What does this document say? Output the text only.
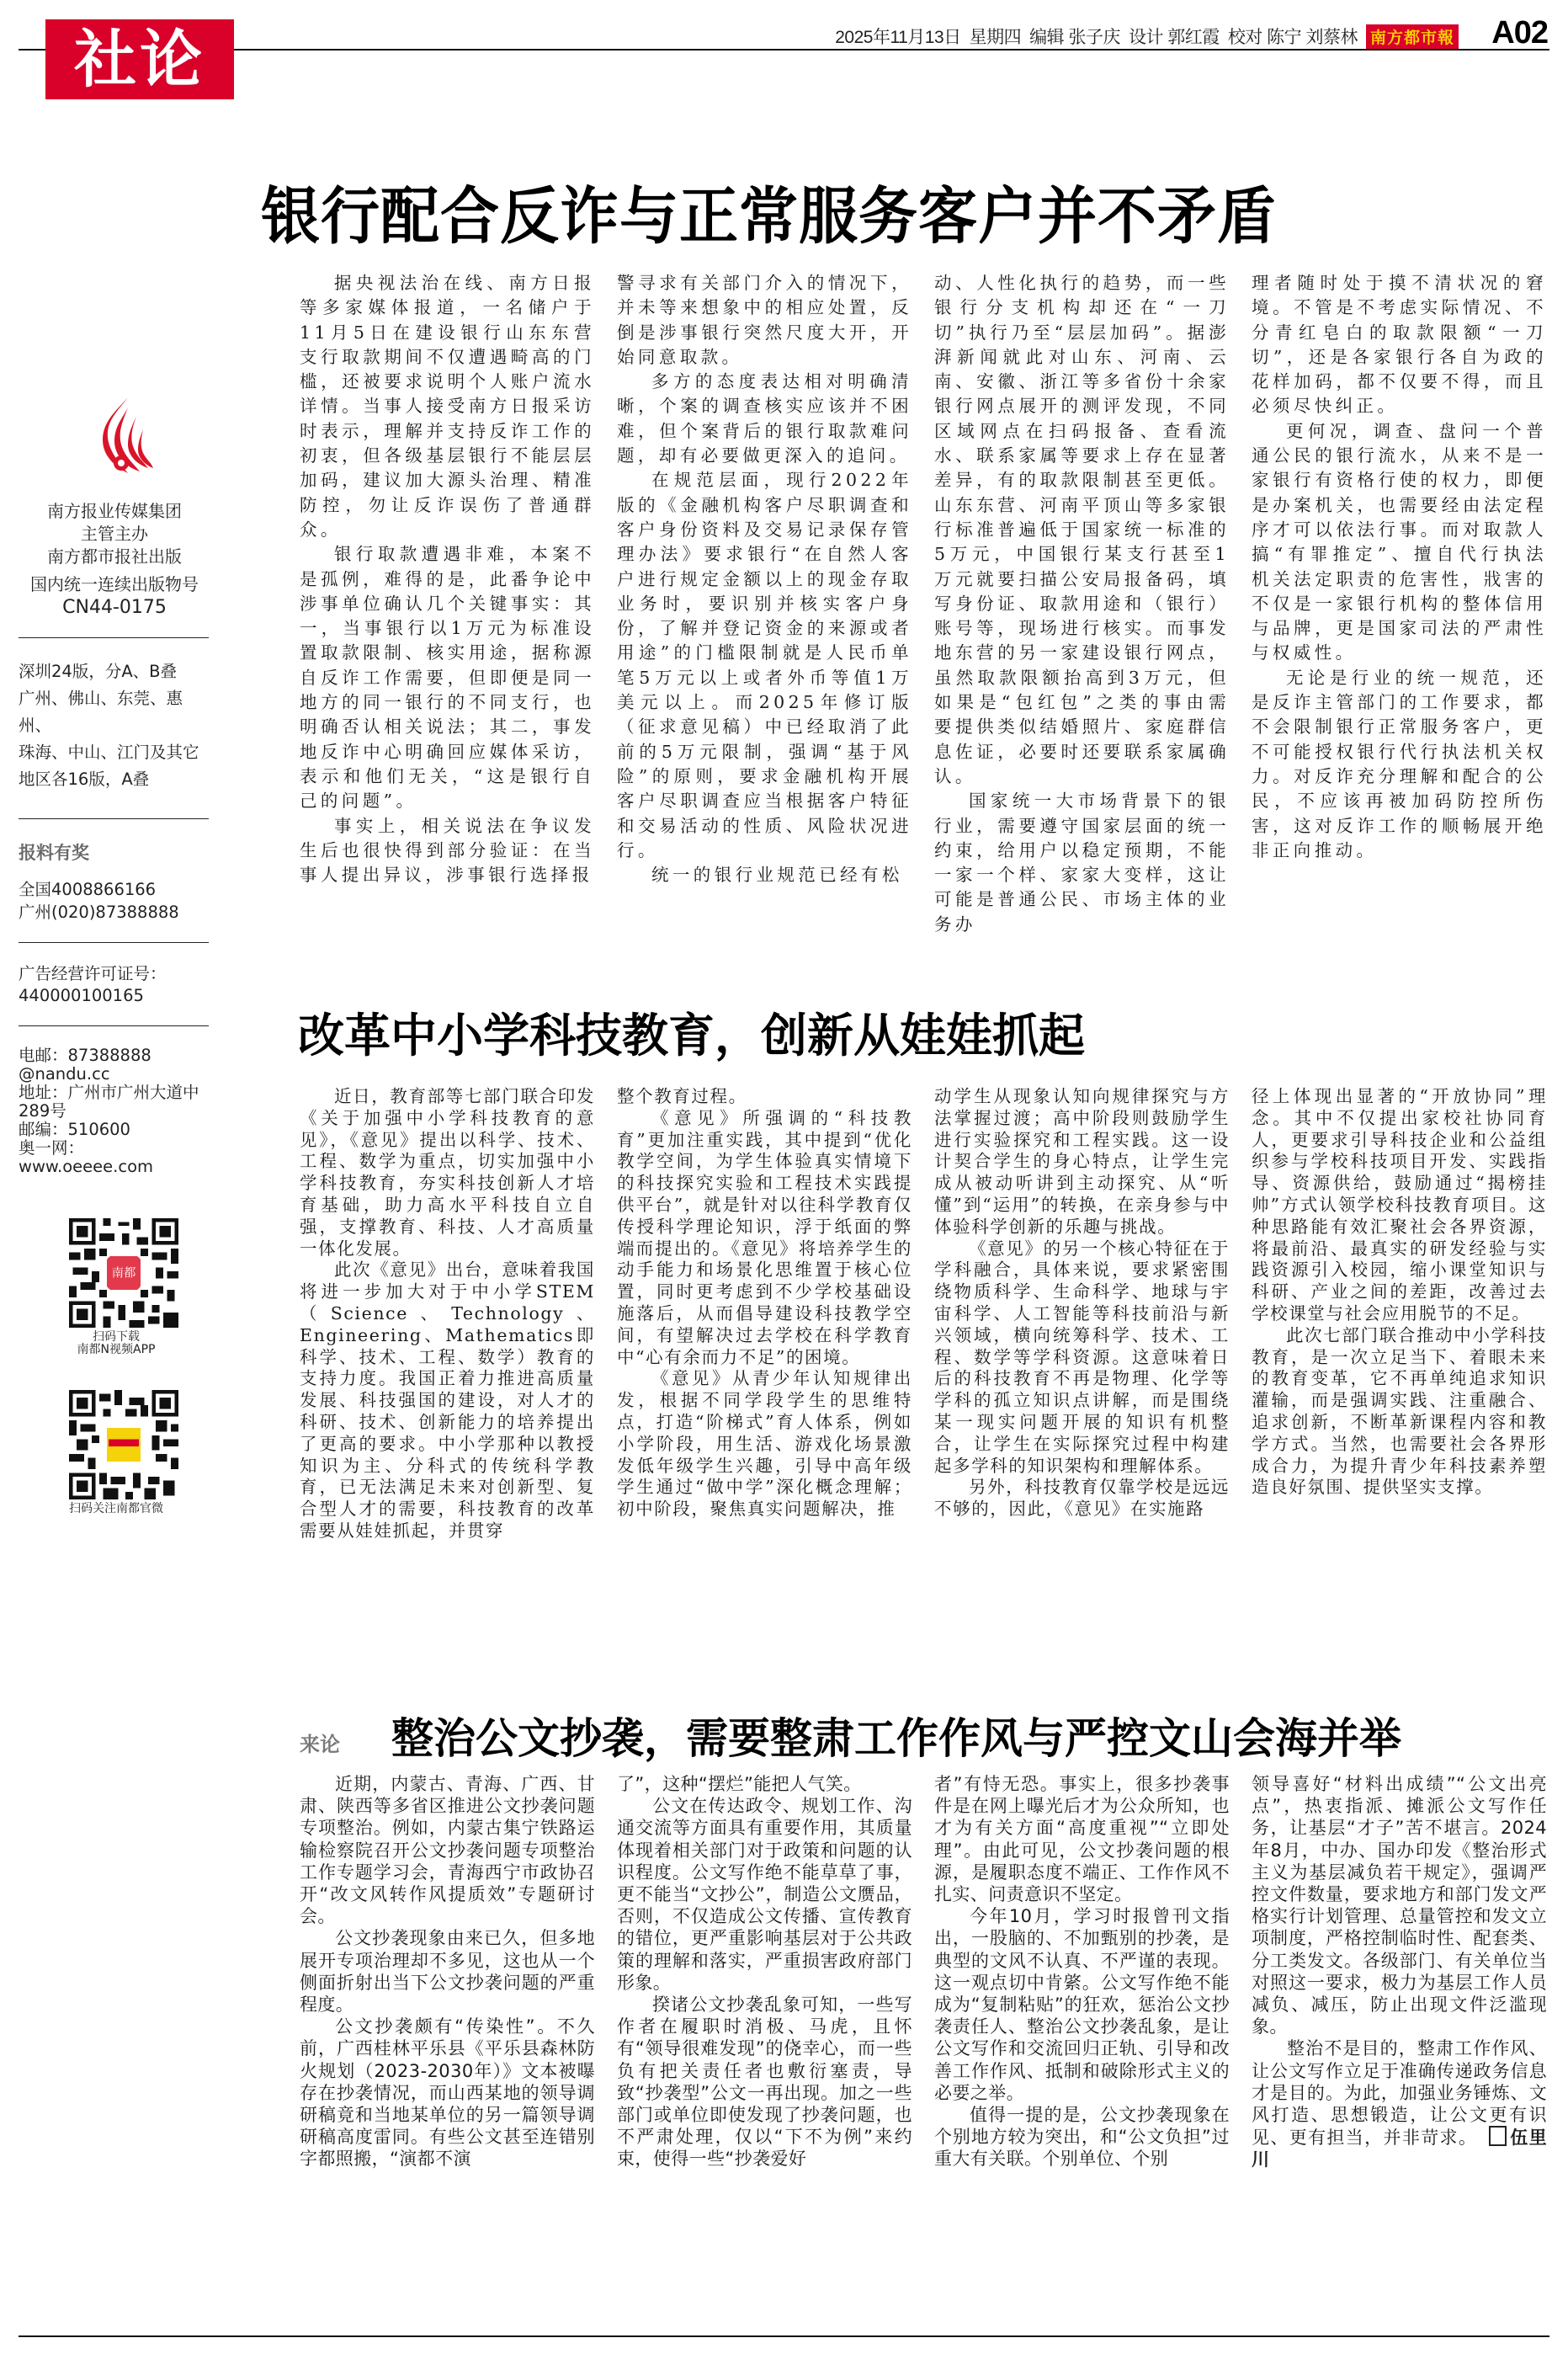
社论	2025年11月13日 星期四 编辑 张子庆 设计 郭红霞 校对 陈宁 刘蔡林 南方都市報 A02
南方报业传媒集团
主管主办
南方都市报社出版
国内统一连续出版物号
CN44-0175
深圳24版，分A、B叠
广州、佛山、东莞、惠州、
珠海、中山、江门及其它
地区各16版，A叠
报料有奖
全国4008866166
广州(020)87388888
广告经营许可证号：
440000100165
电邮：87388888
@nandu.cc
地址：广州市广州大道中
289号
邮编：510600
奥一网：
www.oeeee.com
南都
扫码下载
南都N视频APP
扫码关注南都官微
银行配合反诈与正常服务客户并不矛盾

据央视法治在线、南方日报等多家媒体报道，一名储户于11月5日在建设银行山东东营支行取款期间不仅遭遇畸高的门槛，还被要求说明个人账户流水详情。当事人接受南方日报采访时表示，理解并支持反诈工作的初衷，但各级基层银行不能层层加码，建议加大源头治理、精准防控，勿让反诈误伤了普通群众。

银行取款遭遇非难，本案不是孤例，难得的是，此番争论中涉事单位确认几个关键事实：其一，当事银行以1万元为标准设置取款限制、核实用途，据称源自反诈工作需要，但即便是同一地方的同一银行的不同支行，也明确否认相关说法；其二，事发地反诈中心明确回应媒体采访，表示和他们无关，“这是银行自己的问题”。

事实上，相关说法在争议发生后也很快得到部分验证：在当事人提出异议，涉事银行选择报

警寻求有关部门介入的情况下，并未等来想象中的相应处置，反倒是涉事银行突然尺度大开，开始同意取款。

多方的态度表达相对明确清晰，个案的调查核实应该并不困难，但个案背后的银行取款难问题，却有必要做更深入的追问。

在规范层面，现行2022年版的《金融机构客户尽职调查和客户身份资料及交易记录保存管理办法》要求银行“在自然人客户进行规定金额以上的现金存取业务时，要识别并核实客户身份，了解并登记资金的来源或者用途”的门槛限制就是人民币单笔5万元以上或者外币等值1万美元以上。而2025年修订版（征求意见稿）中已经取消了此前的5万元限制，强调“基于风险”的原则，要求金融机构开展客户尽职调查应当根据客户特征和交易活动的性质、风险状况进行。

统一的银行业规范已经有松

动、人性化执行的趋势，而一些银行分支机构却还在“一刀切”执行乃至“层层加码”。据澎湃新闻就此对山东、河南、云南、安徽、浙江等多省份十余家银行网点展开的测评发现，不同区域网点在扫码报备、查看流水、联系家属等要求上存在显著差异，有的取款限制甚至更低。山东东营、河南平顶山等多家银行标准普遍低于国家统一标准的5万元，中国银行某支行甚至1万元就要扫描公安局报备码，填写身份证、取款用途和（银行）账号等，现场进行核实。而事发地东营的另一家建设银行网点，虽然取款限额抬高到3万元，但如果是“包红包”之类的事由需要提供类似结婚照片、家庭群信息佐证，必要时还要联系家属确认。

国家统一大市场背景下的银行业，需要遵守国家层面的统一约束，给用户以稳定预期，不能一家一个样、家家大变样，这让可能是普通公民、市场主体的业务办

理者随时处于摸不清状况的窘境。不管是不考虑实际情况、不分青红皂白的取款限额“一刀切”，还是各家银行各自为政的花样加码，都不仅要不得，而且必须尽快纠正。

更何况，调查、盘问一个普通公民的银行流水，从来不是一家银行有资格行使的权力，即便是办案机关，也需要经由法定程序才可以依法行事。而对取款人搞“有罪推定”、擅自代行执法机关法定职责的危害性，戕害的不仅是一家银行机构的整体信用与品牌，更是国家司法的严肃性与权威性。

无论是行业的统一规范，还是反诈主管部门的工作要求，都不会限制银行正常服务客户，更不可能授权银行代行执法机关权力。对反诈充分理解和配合的公民，不应该再被加码防控所伤害，这对反诈工作的顺畅展开绝非正向推动。

改革中小学科技教育，创新从娃娃抓起

近日，教育部等七部门联合印发《关于加强中小学科技教育的意见》，《意见》提出以科学、技术、工程、数学为重点，切实加强中小学科技教育，夯实科技创新人才培育基础，助力高水平科技自立自强，支撑教育、科技、人才高质量一体化发展。

此次《意见》出台，意味着我国将进一步加大对于中小学STEM（Science、Technology、Engineering、Mathematics即科学、技术、工程、数学）教育的支持力度。我国正着力推进高质量发展、科技强国的建设，对人才的科研、技术、创新能力的培养提出了更高的要求。中小学那种以教授知识为主、分科式的传统科学教育，已无法满足未来对创新型、复合型人才的需要，科技教育的改革需要从娃娃抓起，并贯穿

整个教育过程。

《意见》所强调的“科技教育”更加注重实践，其中提到“优化教学空间，为学生体验真实情境下的科技探究实验和工程技术实践提供平台”，就是针对以往科学教育仅传授科学理论知识，浮于纸面的弊端而提出的。《意见》将培养学生的动手能力和场景化思维置于核心位置，同时更考虑到不少学校基础设施落后，从而倡导建设科技教学空间，有望解决过去学校在科学教育中“心有余而力不足”的困境。

《意见》从青少年认知规律出发，根据不同学段学生的思维特点，打造“阶梯式”育人体系，例如小学阶段，用生活、游戏化场景激发低年级学生兴趣，引导中高年级学生通过“做中学”深化概念理解；初中阶段，聚焦真实问题解决，推

动学生从现象认知向规律探究与方法掌握过渡；高中阶段则鼓励学生进行实验探究和工程实践。这一设计契合学生的身心特点，让学生完成从被动听讲到主动探究、从“听懂”到“运用”的转换，在亲身参与中体验科学创新的乐趣与挑战。

《意见》的另一个核心特征在于学科融合，具体来说，要求紧密围绕物质科学、生命科学、地球与宇宙科学、人工智能等科技前沿与新兴领域，横向统筹科学、技术、工程、数学等学科资源。这意味着日后的科技教育不再是物理、化学等学科的孤立知识点讲解，而是围绕某一现实问题开展的知识有机整合，让学生在实际探究过程中构建起多学科的知识架构和理解体系。

另外，科技教育仅靠学校是远远不够的，因此，《意见》在实施路

径上体现出显著的“开放协同”理念。其中不仅提出家校社协同育人，更要求引导科技企业和公益组织参与学校科技项目开发、实践指导、资源供给，鼓励通过“揭榜挂帅”方式认领学校科技教育项目。这种思路能有效汇聚社会各界资源，将最前沿、最真实的研发经验与实践资源引入校园，缩小课堂知识与科研、产业之间的差距，改善过去学校课堂与社会应用脱节的不足。

此次七部门联合推动中小学科技教育，是一次立足当下、着眼未来的教育变革，它不再单纯追求知识灌输，而是强调实践、注重融合、追求创新，不断革新课程内容和教学方式。当然，也需要社会各界形成合力，为提升青少年科技素养塑造良好氛围、提供坚实支撑。

来论 整治公文抄袭，需要整肃工作作风与严控文山会海并举

近期，内蒙古、青海、广西、甘肃、陕西等多省区推进公文抄袭问题专项整治。例如，内蒙古集宁铁路运输检察院召开公文抄袭问题专项整治工作专题学习会，青海西宁市政协召开“改文风转作风提质效”专题研讨会。

公文抄袭现象由来已久，但多地展开专项治理却不多见，这也从一个侧面折射出当下公文抄袭问题的严重程度。

公文抄袭颇有“传染性”。不久前，广西桂林平乐县《平乐县森林防火规划（2023-2030年）》文本被曝存在抄袭情况，而山西某地的领导调研稿竟和当地某单位的另一篇领导调研稿高度雷同。有些公文甚至连错别字都照搬，“演都不演

了”，这种“摆烂”能把人气笑。

公文在传达政令、规划工作、沟通交流等方面具有重要作用，其质量体现着相关部门对于政策和问题的认识程度。公文写作绝不能草草了事，更不能当“文抄公”，制造公文赝品，否则，不仅造成公文传播、宣传教育的错位，更严重影响基层对于公共政策的理解和落实，严重损害政府部门形象。

揆诸公文抄袭乱象可知，一些写作者在履职时消极、马虎，且怀有“领导很难发现”的侥幸心，而一些负有把关责任者也敷衍塞责，导致“抄袭型”公文一再出现。加之一些部门或单位即使发现了抄袭问题，也不严肃处理，仅以“下不为例”来约束，使得一些“抄袭爱好

者”有恃无恐。事实上，很多抄袭事件是在网上曝光后才为公众所知，也才为有关方面“高度重视”“立即处理”。由此可见，公文抄袭问题的根源，是履职态度不端正、工作作风不扎实、问责意识不坚定。

今年10月，学习时报曾刊文指出，一股脑的、不加甄别的抄袭，是典型的文风不认真、不严谨的表现。这一观点切中肯綮。公文写作绝不能成为“复制粘贴”的狂欢，惩治公文抄袭责任人、整治公文抄袭乱象，是让公文写作和交流回归正轨、引导和改善工作作风、抵制和破除形式主义的必要之举。

值得一提的是，公文抄袭现象在个别地方较为突出，和“公文负担”过重大有关联。个别单位、个别

领导喜好“材料出成绩”“公文出亮点”，热衷指派、摊派公文写作任务，让基层“才子”苦不堪言。2024年8月，中办、国办印发《整治形式主义为基层减负若干规定》，强调严控文件数量，要求地方和部门发文严格实行计划管理、总量管控和发文立项制度，严格控制临时性、配套类、分工类发文。各级部门、有关单位当对照这一要求，极力为基层工作人员减负、减压，防止出现文件泛滥现象。

整治不是目的，整肃工作作风、让公文写作立足于准确传递政务信息才是目的。为此，加强业务锤炼、文风打造、思想锻造，让公文更有识见、更有担当，并非苛求。 伍里川
